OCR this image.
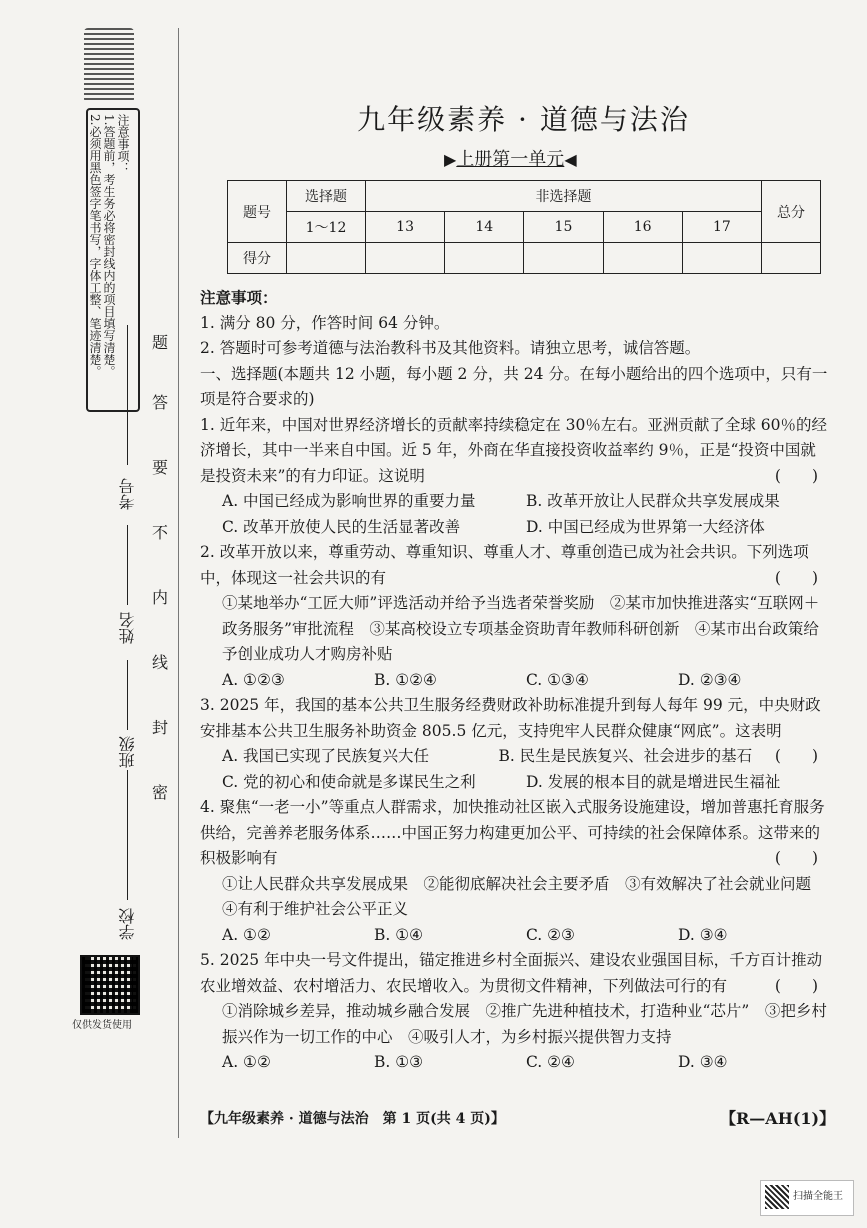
注意事项：
1.答题前，考生务必将密封线内的项目填写清楚。
2.必须用黑色签字笔书写，字体工整、笔迹清楚。
考号
姓名
班级
学校
题
答
要
不
内
线
封
密
仅供发货使用
九年级素养 · 道德与法治
▶上册第一单元◀
题号	选择题	非选择题					总分
	1～12	13	14	15	16	17	
得分							

注意事项：

1. 满分 80 分，作答时间 64 分钟。

2. 答题时可参考道德与法治教科书及其他资料。请独立思考，诚信答题。

一、选择题(本题共 12 小题，每小题 2 分，共 24 分。在每小题给出的四个选项中，只有一项是符合要求的)

1. 近年来，中国对世界经济增长的贡献率持续稳定在 30％左右。亚洲贡献了全球 60％的经济增长，其中一半来自中国。近 5 年，外商在华直接投资收益率约 9％，正是“投资中国就是投资未来”的有力印证。这说明	(　　)

A. 中国已经成为影响世界的重要力量	B. 改革开放让人民群众共享发展成果
C. 改革开放使人民的生活显著改善	D. 中国已经成为世界第一大经济体

2. 改革开放以来，尊重劳动、尊重知识、尊重人才、尊重创造已成为社会共识。下列选项中，体现这一社会共识的有	(　　)

①某地举办“工匠大师”评选活动并给予当选者荣誉奖励　②某市加快推进落实“互联网＋政务服务”审批流程　③某高校设立专项基金资助青年教师科研创新　④某市出台政策给予创业成功人才购房补贴

A. ①②③	B. ①②④	C. ①③④	D. ②③④

3. 2025 年，我国的基本公共卫生服务经费财政补助标准提升到每人每年 99 元，中央财政安排基本公共卫生服务补助资金 805.5 亿元，支持兜牢人民群众健康“网底”。这表明
(　　)

A. 我国已实现了民族复兴大任	B. 民生是民族复兴、社会进步的基石
C. 党的初心和使命就是多谋民生之利	D. 发展的根本目的就是增进民生福祉

4. 聚焦“一老一小”等重点人群需求，加快推动社区嵌入式服务设施建设，增加普惠托育服务供给，完善养老服务体系……中国正努力构建更加公平、可持续的社会保障体系。这带来的积极影响有	(　　)

①让人民群众共享发展成果　②能彻底解决社会主要矛盾　③有效解决了社会就业问题　④有利于维护社会公平正义

A. ①②	B. ①④	C. ②③	D. ③④

5. 2025 年中央一号文件提出，锚定推进乡村全面振兴、建设农业强国目标，千方百计推动农业增效益、农村增活力、农民增收入。为贯彻文件精神，下列做法可行的有	(　　)

①消除城乡差异，推动城乡融合发展　②推广先进种植技术，打造种业“芯片”　③把乡村振兴作为一切工作的中心　④吸引人才，为乡村振兴提供智力支持

A. ①②	B. ①③	C. ②④	D. ③④
【九年级素养 · 道德与法治　第 1 页(共 4 页)】	【R—AH(1)】
扫描全能王
